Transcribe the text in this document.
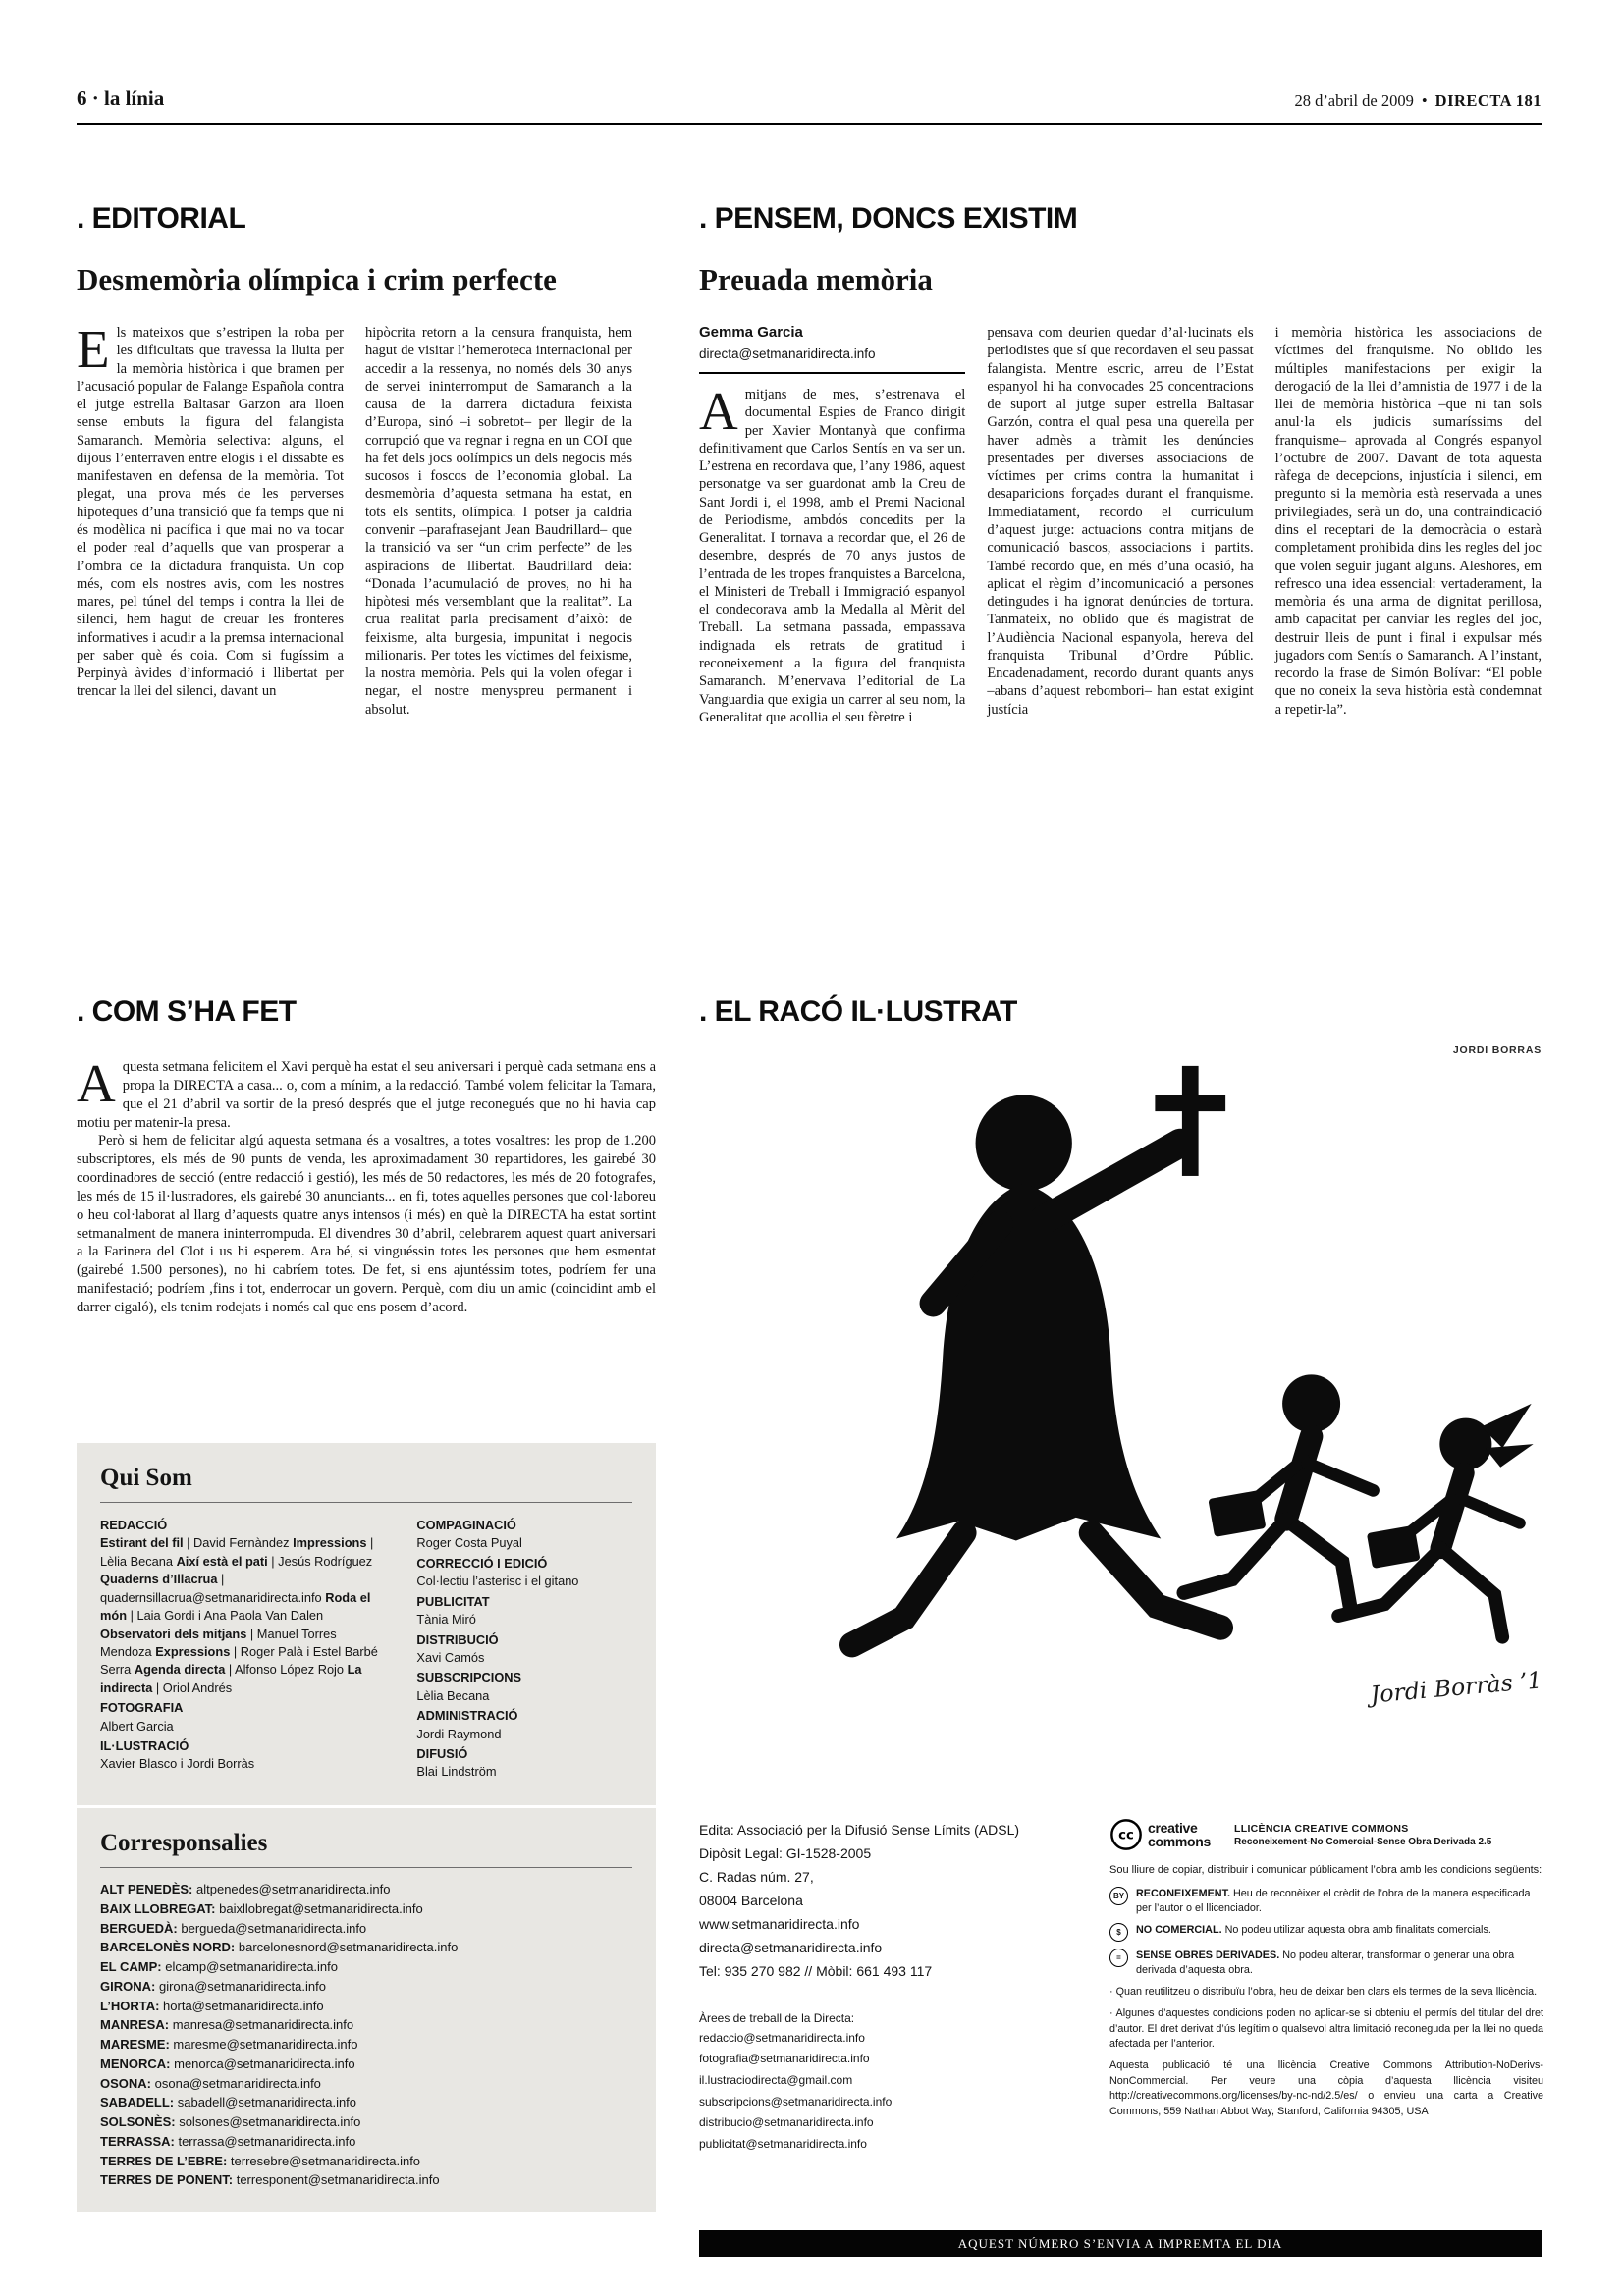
6 · la línia	28 d’abril de 2009 • DIRECTA 181
. EDITORIAL
Desmemòria olímpica i crim perfecte
Els mateixos que s’estripen la roba per les dificultats que travessa la lluita per la memòria històrica i que bramen per l’acusació popular de Falange Española contra el jutge estrella Baltasar Garzon ara lloen sense embuts la figura del falangista Samaranch. Memòria selectiva: alguns, el dijous l’enterraven entre elogis i el dissabte es manifestaven en defensa de la memòria. Tot plegat, una prova més de les perverses hipoteques d’una transició que fa temps que ni és modèlica ni pacífica i que mai no va tocar el poder real d’aquells que van prosperar a l’ombra de la dictadura franquista. Un cop més, com els nostres avis, com les nostres mares, pel túnel del temps i contra la llei de silenci, hem hagut de creuar les fronteres informatives i acudir a la premsa internacional per saber què és coia. Com si fugíssim a Perpinyà àvides d’informació i llibertat per trencar la llei del silenci, davant un
hipòcrita retorn a la censura franquista, hem hagut de visitar l’hemeroteca internacional per accedir a la ressenya, no només dels 30 anys de servei ininterromput de Samaranch a la causa de la darrera dictadura feixista d’Europa, sinó –i sobretot– per llegir de la corrupció que va regnar i regna en un COI que ha fet dels jocs oolímpics un dels negocis més sucosos i foscos de l’economia global. La desmemòria d’aquesta setmana ha estat, en tots els sentits, olímpica. I potser ja caldria convenir –parafrasejant Jean Baudrillard– que la transició va ser “un crim perfecte” de les aspiracions de llibertat. Baudrillard deia: “Donada l’acumulació de proves, no hi ha hipòtesi més versemblant que la realitat”. La crua realitat parla precisament d’això: de feixisme, alta burgesia, impunitat i negocis milionaris. Per totes les víctimes del feixisme, la nostra memòria. Pels qui la volen ofegar i negar, el nostre menyspreu permanent i absolut.
. PENSEM, DONCS EXISTIM
Preuada memòria
Gemma Garcia
directa@setmanaridirecta.info
A mitjans de mes, s’estrenava el documental Espies de Franco dirigit per Xavier Montanyà que confirma definitivament que Carlos Sentís en va ser un. L’estrena en recordava que, l’any 1986, aquest personatge va ser guardonat amb la Creu de Sant Jordi i, el 1998, amb el Premi Nacional de Periodisme, ambdós concedits per la Generalitat. I tornava a recordar que, el 26 de desembre, després de 70 anys justos de l’entrada de les tropes franquistes a Barcelona, el Ministeri de Treball i Immigració espanyol el condecorava amb la Medalla al Mèrit del Treball. La setmana passada, empassava indignada els retrats de gratitud i reconeixement a la figura del franquista Samaranch. M’enervava l’editorial de La Vanguardia que exigia un carrer al seu nom, la Generalitat que acollia el seu fèretre i
pensava com deurien quedar d’al·lucinats els periodistes que sí que recordaven el seu passat falangista. Mentre escric, arreu de l’Estat espanyol hi ha convocades 25 concentracions de suport al jutge super estrella Baltasar Garzón, contra el qual pesa una querella per haver admès a tràmit les denúncies presentades per diverses associacions de víctimes per crims contra la humanitat i desaparicions forçades durant el franquisme. Immediatament, recordo el currículum d’aquest jutge: actuacions contra mitjans de comunicació bascos, associacions i partits. També recordo que, en més d’una ocasió, ha aplicat el règim d’incomunicació a persones detingudes i ha ignorat denúncies de tortura. Tanmateix, no oblido que és magistrat de l’Audiència Nacional espanyola, hereva del franquista Tribunal d’Ordre Públic. Encadenadament, recordo durant quants anys –abans d’aquest rebombori– han estat exigint justícia
i memòria històrica les associacions de víctimes del franquisme. No oblido les múltiples manifestacions per exigir la derogació de la llei d’amnistia de 1977 i de la llei de memòria històrica –que ni tan sols anul·la els judicis sumaríssims del franquisme– aprovada al Congrés espanyol l’octubre de 2007. Davant de tota aquesta ràfega de decepcions, injustícia i silenci, em pregunto si la memòria està reservada a unes privilegiades, serà un do, una contraindicació dins el receptari de la democràcia o estarà completament prohibida dins les regles del joc que volen seguir jugant alguns. Aleshores, em refresco una idea essencial: vertaderament, la memòria és una arma de dignitat perillosa, amb capacitat per canviar les regles del joc, destruir lleis de punt i final i expulsar més jugadors com Sentís o Samaranch. A l’instant, recordo la frase de Simón Bolívar: “El poble que no coneix la seva història està condemnat a repetir-la”.
. COM S’HA FET

Aquesta setmana felicitem el Xavi perquè ha estat el seu aniversari i perquè cada setmana ens a propa la DIRECTA a casa... o, com a mínim, a la redacció. També volem felicitar la Tamara, que el 21 d’abril va sortir de la presó després que el jutge reconegués que no hi havia cap motiu per matenir-la presa.

Però si hem de felicitar algú aquesta setmana és a vosaltres, a totes vosaltres: les prop de 1.200 subscriptores, els més de 90 punts de venda, les aproximadament 30 repartidores, les gairebé 30 coordinadores de secció (entre redacció i gestió), les més de 50 redactores, les més de 20 fotografes, les més de 15 il·lustradores, els gairebé 30 anunciants... en fi, totes aquelles persones que col·laboreu o heu col·laborat al llarg d’aquests quatre anys intensos (i més) en què la DIRECTA ha estat sortint setmanalment de manera ininterrompuda. El divendres 30 d’abril, celebrarem aquest quart aniversari a la Farinera del Clot i us hi esperem. Ara bé, si vinguéssin totes les persones que hem esmentat (gairebé 1.500 persones), no hi cabríem totes. De fet, si ens ajuntéssim totes, podríem fer una manifestació; podríem ,fins i tot, enderrocar un govern. Perquè, com diu un amic (coincidint amb el darrer cigaló), els tenim rodejats i només cal que ens posem d’acord.

. EL RACÓ IL·LUSTRAT
JORDI BORRAS
Jordi Borràs ’10
Qui Som
REDACCIÓ
Estirant del fil | David Fernàndez Impressions | Lèlia Becana Així està el pati | Jesús Rodríguez Quaderns d’Illacrua | quadernsillacrua@setmanaridirecta.info Roda el món | Laia Gordi i Ana Paola Van Dalen Observatori dels mitjans | Manuel Torres Mendoza Expressions | Roger Palà i Estel Barbé Serra Agenda directa | Alfonso López Rojo La indirecta | Oriol Andrés
FOTOGRAFIA
Albert Garcia
IL·LUSTRACIÓ
Xavier Blasco i Jordi Borràs
COMPAGINACIÓ
Roger Costa Puyal
CORRECCIÓ I EDICIÓ
Col·lectiu l’asterisc i el gitano
PUBLICITAT
Tània Miró
DISTRIBUCIÓ
Xavi Camós
SUBSCRIPCIONS
Lèlia Becana
ADMINISTRACIÓ
Jordi Raymond
DIFUSIÓ
Blai Lindström
Corresponsalies
ALT PENEDÈS: altpenedes@setmanaridirecta.info
BAIX LLOBREGAT: baixllobregat@setmanaridirecta.info
BERGUEDÀ: bergueda@setmanaridirecta.info
BARCELONÈS NORD: barcelonesnord@setmanaridirecta.info
EL CAMP: elcamp@setmanaridirecta.info
GIRONA: girona@setmanaridirecta.info
L’HORTA: horta@setmanaridirecta.info
MANRESA: manresa@setmanaridirecta.info
MARESME: maresme@setmanaridirecta.info
MENORCA: menorca@setmanaridirecta.info
OSONA: osona@setmanaridirecta.info
SABADELL: sabadell@setmanaridirecta.info
SOLSONÈS: solsones@setmanaridirecta.info
TERRASSA: terrassa@setmanaridirecta.info
TERRES DE L’EBRE: terresebre@setmanaridirecta.info
TERRES DE PONENT: terresponent@setmanaridirecta.info
Edita: Associació per la Difusió Sense Límits (ADSL)
Dipòsit Legal: GI-1528-2005
C. Radas núm. 27,
08004 Barcelona
www.setmanaridirecta.info
directa@setmanaridirecta.info
Tel: 935 270 982 // Mòbil: 661 493 117
Àrees de treball de la Directa:
redaccio@setmanaridirecta.info
fotografia@setmanaridirecta.info
il.lustraciodirecta@gmail.com
subscripcions@setmanaridirecta.info
distribucio@setmanaridirecta.info
publicitat@setmanaridirecta.info
cc
creative
commons
LLICÈNCIA CREATIVE COMMONS
Reconeixement-No Comercial-Sense Obra Derivada 2.5

Sou lliure de copiar, distribuir i comunicar públicament l’obra amb les condicions següents:

BY	RECONEIXEMENT. Heu de reconèixer el crèdit de l’obra de la manera especificada per l’autor o el llicenciador.
$	NO COMERCIAL. No podeu utilizar aquesta obra amb finalitats comercials.
=	SENSE OBRES DERIVADES. No podeu alterar, transformar o generar una obra derivada d’aquesta obra.

· Quan reutilitzeu o distribuïu l’obra, heu de deixar ben clars els termes de la seva llicència.

· Algunes d’aquestes condicions poden no aplicar-se si obteniu el permís del titular del dret d’autor. El dret derivat d’ús legítim o qualsevol altra limitació reconeguda per la llei no queda afectada per l’anterior.

Aquesta publicació té una llicència Creative Commons Attribution-NoDerivs- NonCommercial. Per veure una còpia d’aquesta llicència visiteu http://creativecommons.org/licenses/by-nc-nd/2.5/es/ o envieu una carta a Creative Commons, 559 Nathan Abbot Way, Stanford, California 94305, USA

AQUEST NÚMERO S’ENVIA A IMPREMTA EL DIA
